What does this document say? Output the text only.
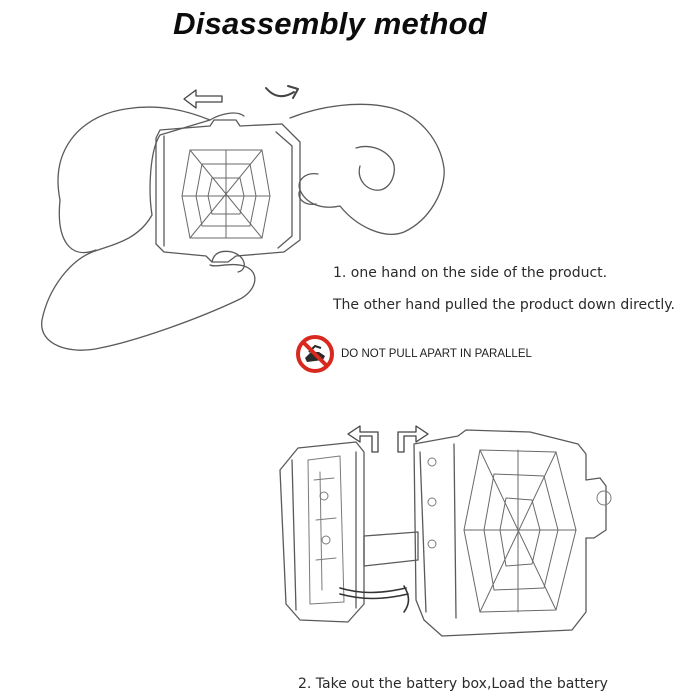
Disassembly method
1. one hand on the side of the product.
The other hand pulled the product down directly.
DO NOT PULL APART IN PARALLEL
2. Take out the battery box,Load the battery
